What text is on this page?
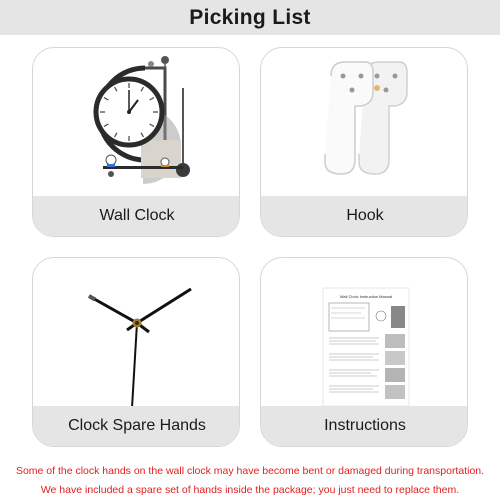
Picking List
Wall Clock	Hook
Clock Spare Hands
Wall Clock Instruction Manual
Instructions
Some of the clock hands on the wall clock may have become bent or damaged during transportation.
We have included a spare set of hands inside the package; you just need to replace them.
